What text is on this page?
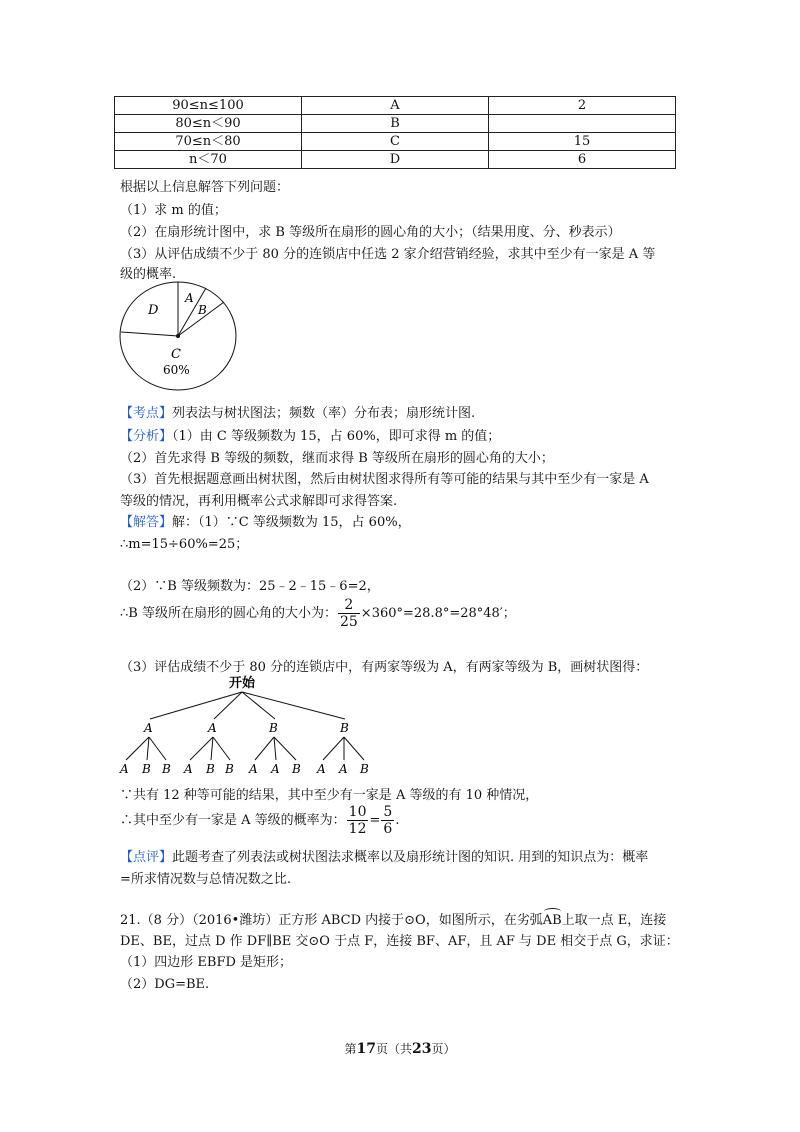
90≤n≤100	A	2
80≤n＜90	B	
70≤n＜80	C	15
n＜70	D	6
根据以上信息解答下列问题：
（1）求 m 的值；
（2）在扇形统计图中，求 B 等级所在扇形的圆心角的大小；（结果用度、分、秒表示）
（3）从评估成绩不少于 80 分的连锁店中任选 2 家介绍营销经验，求其中至少有一家是 A 等
级的概率.
D
A
B
C
60%
【考点】列表法与树状图法；频数（率）分布表；扇形统计图.
【分析】（1）由 C 等级频数为 15，占 60%，即可求得 m 的值；
（2）首先求得 B 等级的频数，继而求得 B 等级所在扇形的圆心角的大小；
（3）首先根据题意画出树状图，然后由树状图求得所有等可能的结果与其中至少有一家是 A
等级的情况，再利用概率公式求解即可求得答案.
【解答】解：（1）∵C 等级频数为 15，占 60%，
∴m=15÷60%=25；
（2）∵B 等级频数为：25﹣2﹣15﹣6=2，
∴B 等级所在扇形的圆心角的大小为： $\frac{2}{25} \times 360^\circ=28.8^\circ=28^\circ 48'$；
（3）评估成绩不少于 80 分的连锁店中，有两家等级为 A，有两家等级为 B，画树状图得：
开始
A	A	B	B
A B B A B B A A B A A B
∵共有 12 种等可能的结果，其中至少有一家是 A 等级的有 10 种情况，
∴其中至少有一家是 A 等级的概率为： $\frac{10}{12} = \frac{5}{6}$ .
【点评】此题考查了列表法或树状图法求概率以及扇形统计图的知识. 用到的知识点为：概率
=所求情况数与总情况数之比.
21.（8 分）（2016•潍坊）正方形 ABCD 内接于⊙O，如图所示，在劣弧AB上取一点 E，连接
DE、BE，过点 D 作 DF∥BE 交⊙O 于点 F，连接 BF、AF，且 AF 与 DE 相交于点 G，求证：
（1）四边形 EBFD 是矩形；
（2）DG=BE.
第17页（共23页）
